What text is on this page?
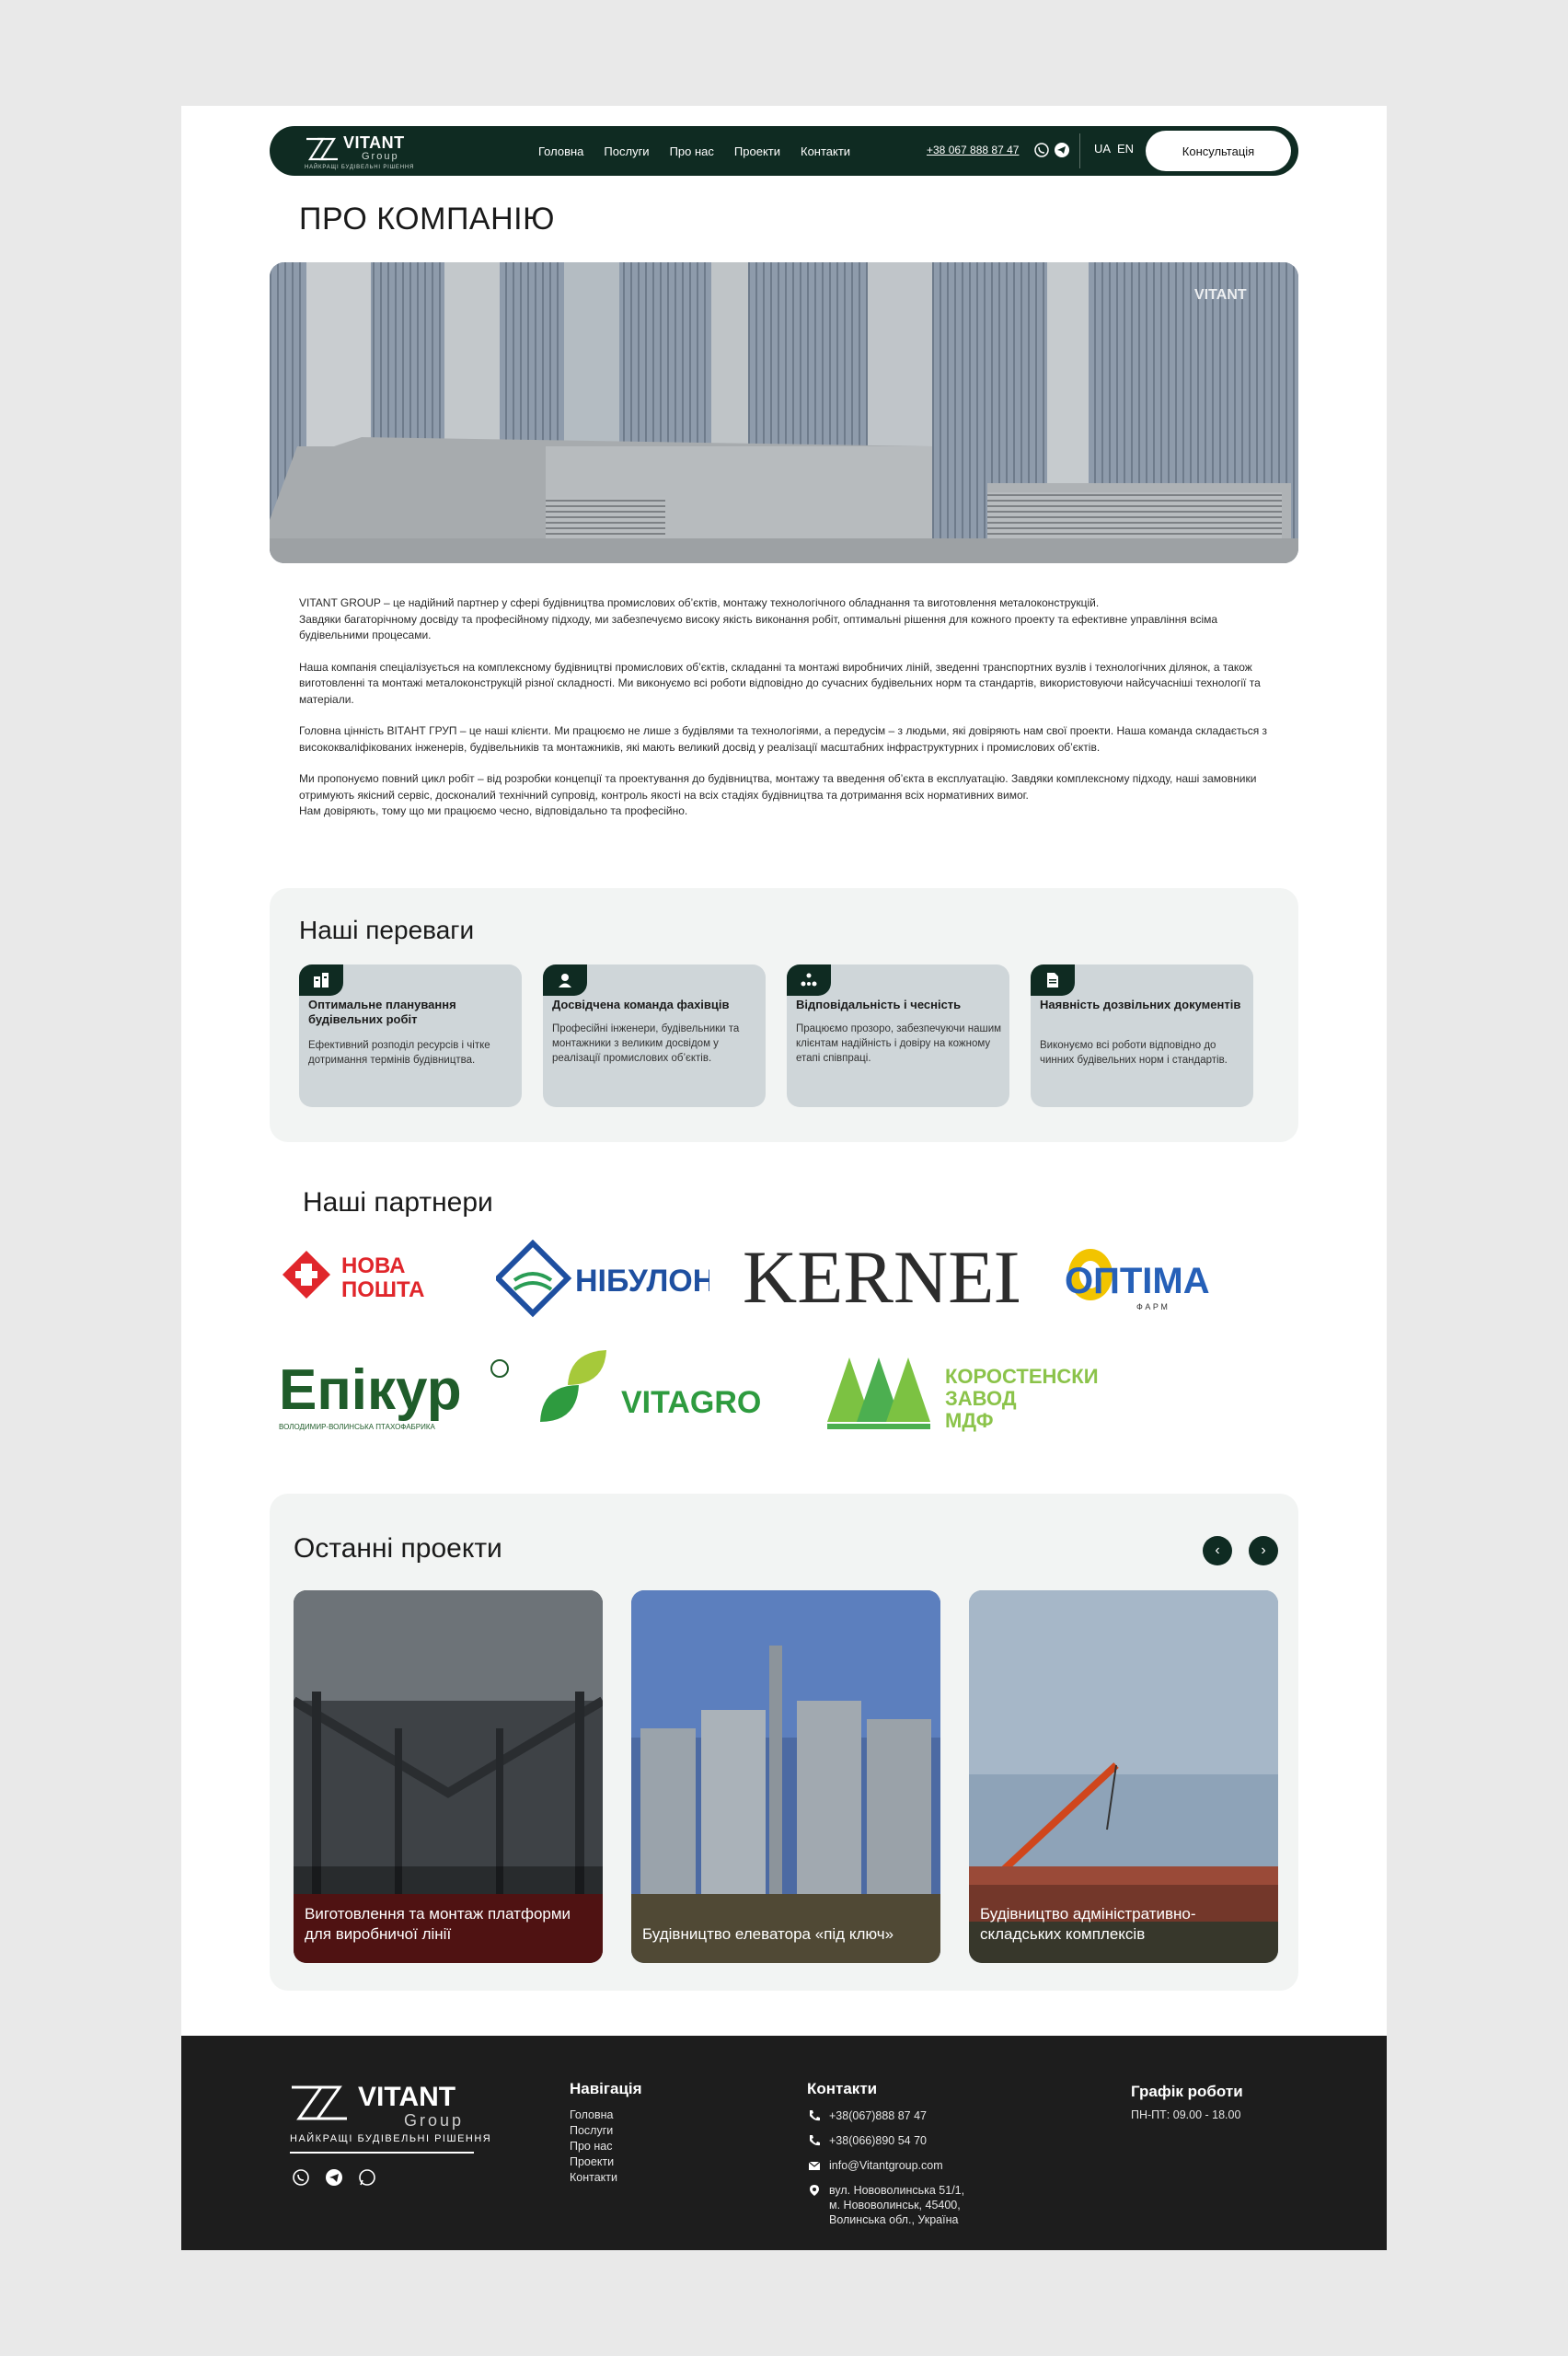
VITANT
Group
НАЙКРАЩІ БУДІВЕЛЬНІ РІШЕННЯ
Головна Послуги Про нас Проекти Контакти	+38 067 888 87 47	UA EN	Консультація
ПРО КОМПАНІЮ
VITANT

VITANT GROUP – це надійний партнер у сфері будівництва промислових об’єктів, монтажу технологічного обладнання та виготовлення металоконструкцій.
Завдяки багаторічному досвіду та професійному підходу, ми забезпечуємо високу якість виконання робіт, оптимальні рішення для кожного проекту та ефективне управління всіма будівельними процесами.

Наша компанія спеціалізується на комплексному будівництві промислових об’єктів, складанні та монтажі виробничих ліній, зведенні транспортних вузлів і технологічних ділянок, а також виготовленні та монтажі металоконструкцій різної складності. Ми виконуємо всі роботи відповідно до сучасних будівельних норм та стандартів, використовуючи найсучасніші технології та матеріали.

Головна цінність ВІТАНТ ГРУП – це наші клієнти. Ми працюємо не лише з будівлями та технологіями, а передусім – з людьми, які довіряють нам свої проекти. Наша команда складається з висококваліфікованих інженерів, будівельників та монтажників, які мають великий досвід у реалізації масштабних інфраструктурних і промислових об’єктів.

Ми пропонуємо повний цикл робіт – від розробки концепції та проектування до будівництва, монтажу та введення об’єкта в експлуатацію. Завдяки комплексному підходу, наші замовники отримують якісний сервіс, досконалий технічний супровід, контроль якості на всіх стадіях будівництва та дотримання всіх нормативних вимог.
Нам довіряють, тому що ми працюємо чесно, відповідально та професійно.

Наші переваги
Оптимальне планування будівельних робіт

Ефективний розподіл ресурсів і чітке дотримання термінів будівництва.

Досвідчена команда фахівців

Професійні інженери, будівельники та монтажники з великим досвідом у реалізації промислових об’єктів.

Відповідальність і чесність

Працюємо прозоро, забезпечуючи нашим клієнтам надійність і довіру на кожному етапі співпраці.

Наявність дозвільних документів

Виконуємо всі роботи відповідно до чинних будівельних норм і стандартів.

Наші партнери
НОВА
ПОШТА	НІБУЛОН KERNEL ОПТІМА
Ф А Р М
Епікур
ВОЛОДИМИР-ВОЛИНСЬКА ПТАХОФАБРИКА
VITAGRO
КОРОСТЕНСКИЙ
ЗАВОД
МДФ
Останні проекти	‹	›
Виготовлення та монтаж платформи для виробничої лінії	Будівництво елеватора «під ключ»
Будівництво адміністративно-складських комплексів
VITANT
Group
НАЙКРАЩІ БУДІВЕЛЬНІ РІШЕННЯ
Навігація
Головна
Послуги
Про нас
Проекти
Контакти
Контакти
+38(067)888 87 47
+38(066)890 54 70
info@Vitantgroup.com
вул. Нововолинська 51/1,
м. Нововолинськ, 45400,
Волинська обл., Україна
Графік роботи
ПН-ПТ: 09.00 - 18.00
